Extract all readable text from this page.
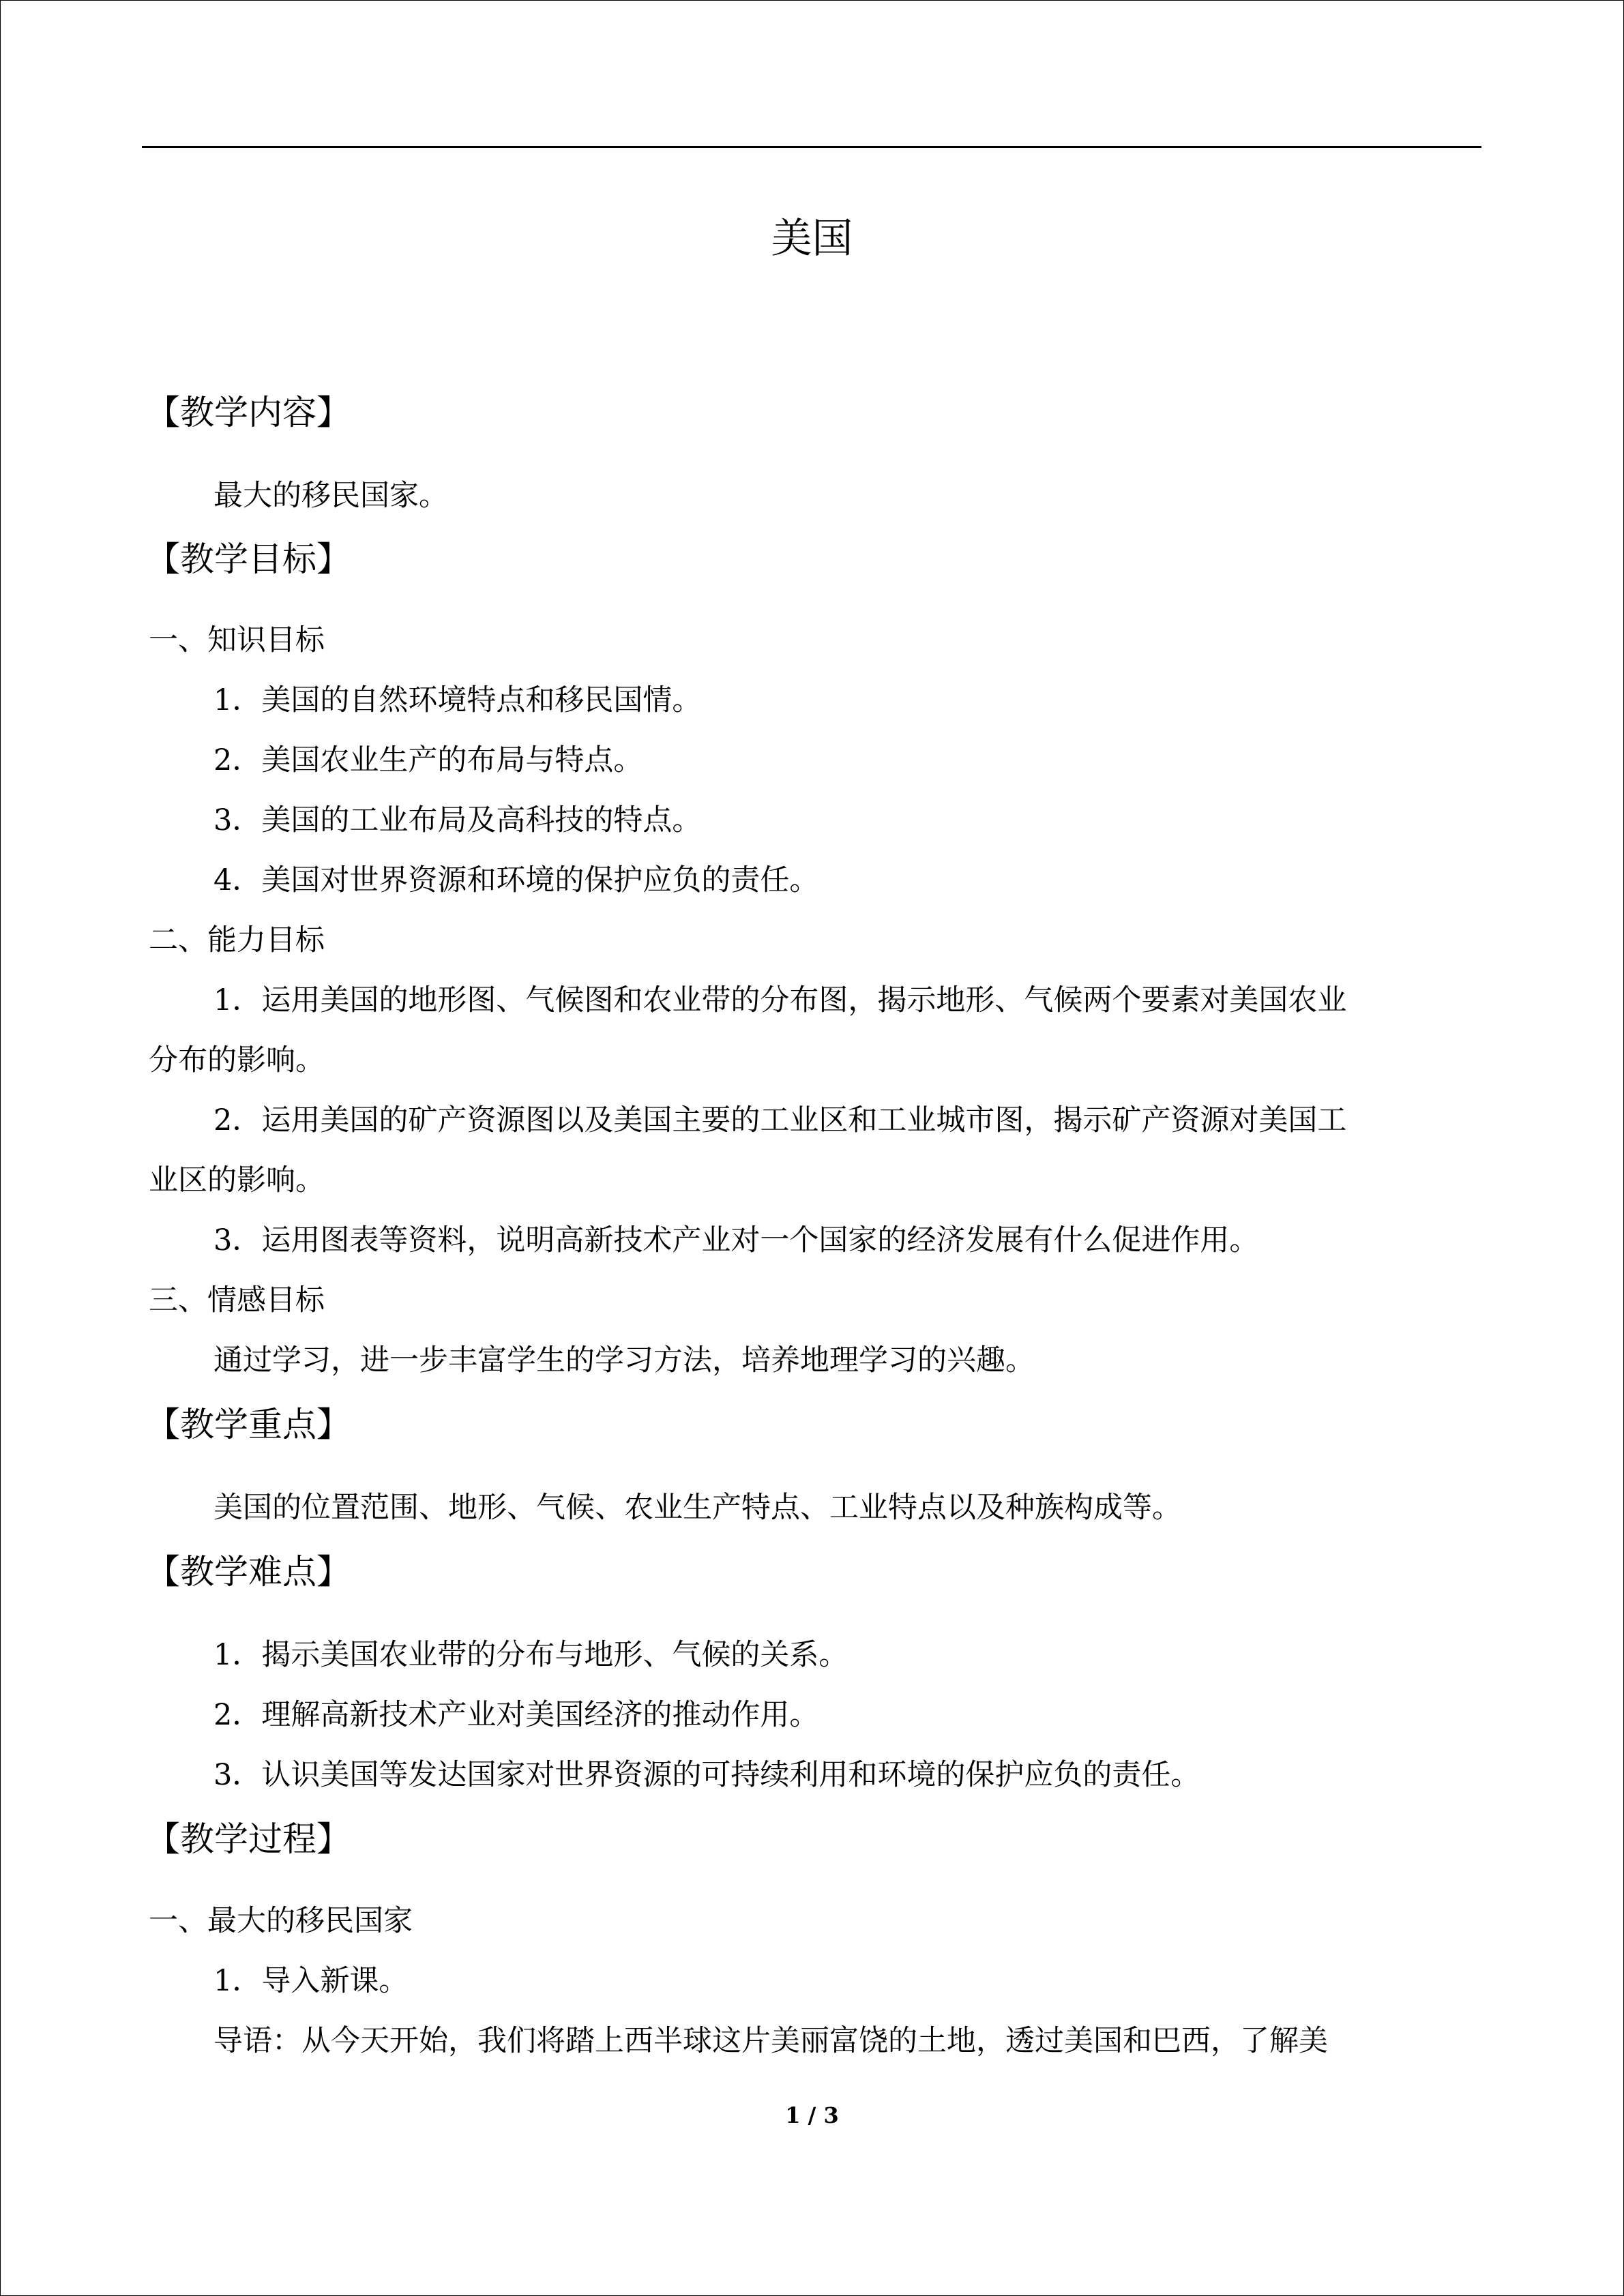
美国
【教学内容】
最大的移民国家。
【教学目标】
一、知识目标
1．美国的自然环境特点和移民国情。
2．美国农业生产的布局与特点。
3．美国的工业布局及高科技的特点。
4．美国对世界资源和环境的保护应负的责任。
二、能力目标
1．运用美国的地形图、气候图和农业带的分布图，揭示地形、气候两个要素对美国农业
分布的影响。
2．运用美国的矿产资源图以及美国主要的工业区和工业城市图，揭示矿产资源对美国工
业区的影响。
3．运用图表等资料，说明高新技术产业对一个国家的经济发展有什么促进作用。
三、情感目标
通过学习，进一步丰富学生的学习方法，培养地理学习的兴趣。
【教学重点】
美国的位置范围、地形、气候、农业生产特点、工业特点以及种族构成等。
【教学难点】
1．揭示美国农业带的分布与地形、气候的关系。
2．理解高新技术产业对美国经济的推动作用。
3．认识美国等发达国家对世界资源的可持续利用和环境的保护应负的责任。
【教学过程】
一、最大的移民国家
1．导入新课。
导语：从今天开始，我们将踏上西半球这片美丽富饶的土地，透过美国和巴西，了解美
1 / 3
